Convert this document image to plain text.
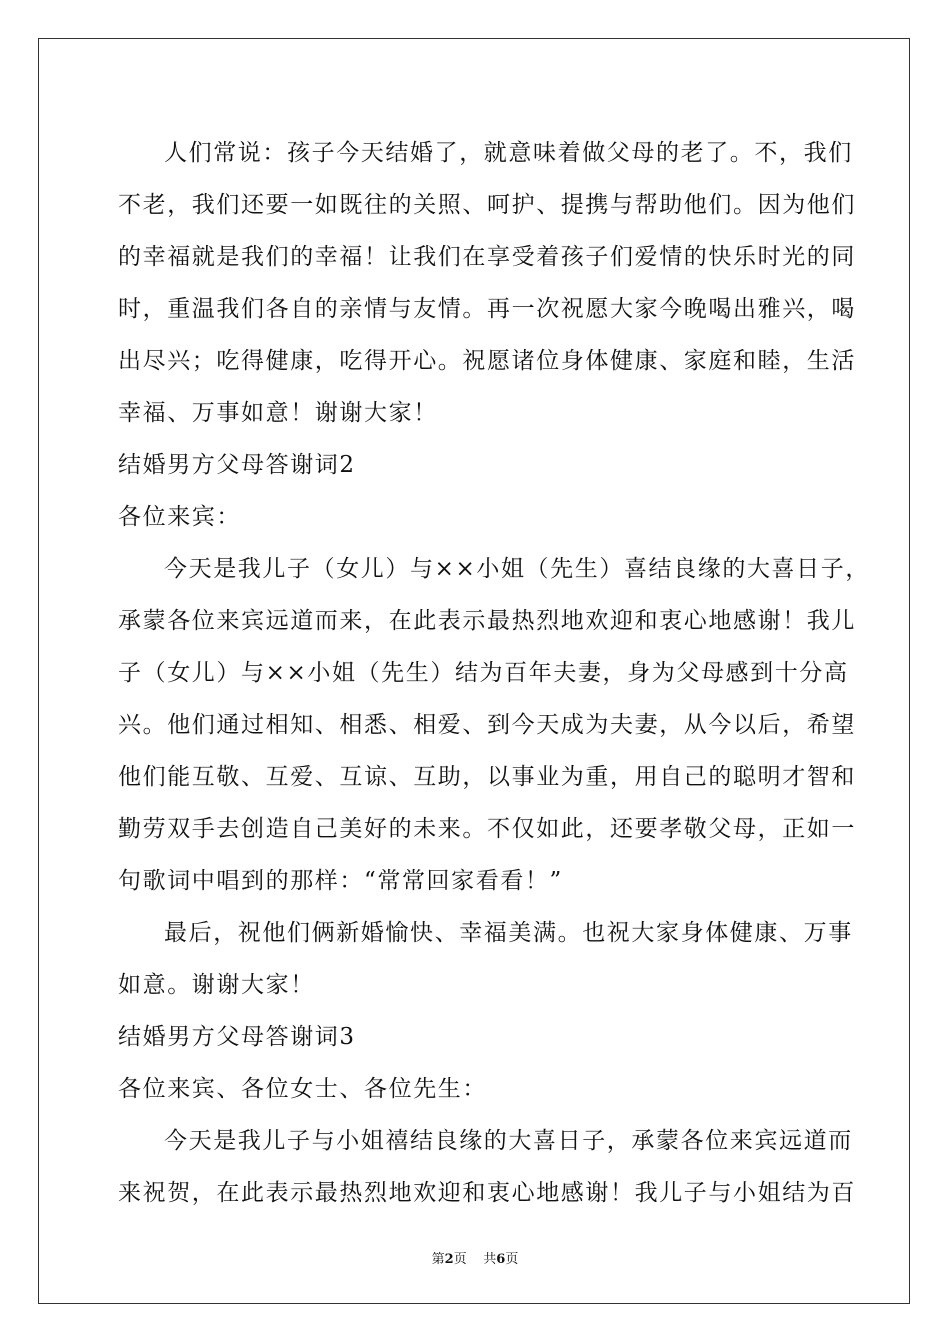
人们常说：孩子今天结婚了，就意味着做父母的老了。不，我们
不老，我们还要一如既往的关照、呵护、提携与帮助他们。因为他们
的幸福就是我们的幸福！让我们在享受着孩子们爱情的快乐时光的同
时，重温我们各自的亲情与友情。再一次祝愿大家今晚喝出雅兴，喝
出尽兴；吃得健康，吃得开心。祝愿诸位身体健康、家庭和睦，生活
幸福、万事如意！谢谢大家！
结婚男方父母答谢词2
各位来宾：
今天是我儿子（女儿）与××小姐（先生）喜结良缘的大喜日子，
承蒙各位来宾远道而来，在此表示最热烈地欢迎和衷心地感谢！我儿
子（女儿）与××小姐（先生）结为百年夫妻，身为父母感到十分高
兴。他们通过相知、相悉、相爱、到今天成为夫妻，从今以后，希望
他们能互敬、互爱、互谅、互助，以事业为重，用自己的聪明才智和
勤劳双手去创造自己美好的未来。不仅如此，还要孝敬父母，正如一
句歌词中唱到的那样：“常常回家看看！”
最后，祝他们俩新婚愉快、幸福美满。也祝大家身体健康、万事
如意。谢谢大家！
结婚男方父母答谢词3
各位来宾、各位女士、各位先生：
今天是我儿子与小姐禧结良缘的大喜日子，承蒙各位来宾远道而
来祝贺，在此表示最热烈地欢迎和衷心地感谢！我儿子与小姐结为百
第2页 共6页
